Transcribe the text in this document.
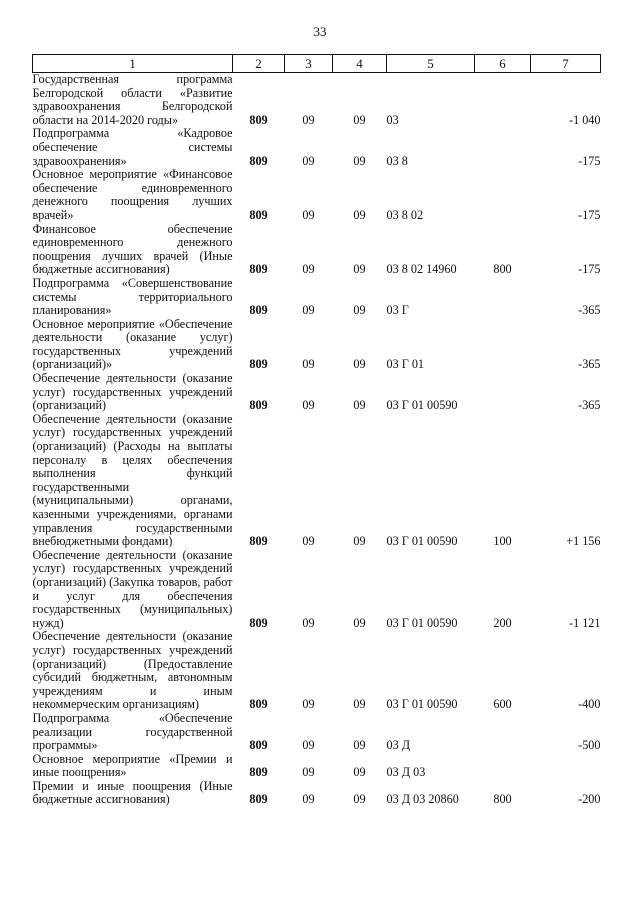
33
1	2	3	4	5	6	7
Государственная программа Белгородской области «Развитие здравоохранения Белгородской области на 2014-2020 годы»	809	09	09	03		-1 040
Подпрограмма «Кадровое обеспечение системы здравоохранения»	809	09	09	03 8		-175
Основное мероприятие «Финансовое обеспечение единовременного денежного поощрения лучших врачей»	809	09	09	03 8 02		-175
Финансовое обеспечение единовременного денежного поощрения лучших врачей (Иные бюджетные ассигнования)	809	09	09	03 8 02 14960	800	-175
Подпрограмма «Совершенствование системы территориального планирования»	809	09	09	03 Г		-365
Основное мероприятие «Обеспечение деятельности (оказание услуг) государственных учреждений (организаций)»	809	09	09	03 Г 01		-365
Обеспечение деятельности (оказание услуг) государственных учреждений (организаций)	809	09	09	03 Г 01 00590		-365
Обеспечение деятельности (оказание услуг) государственных учреждений (организаций) (Расходы на выплаты персоналу в целях обеспечения выполнения функций государственными (муниципальными) органами, казенными учреждениями, органами управления государственными внебюджетными фондами)	809	09	09	03 Г 01 00590	100	+1 156
Обеспечение деятельности (оказание услуг) государственных учреждений (организаций) (Закупка товаров, работ и услуг для обеспечения государственных (муниципальных) нужд)	809	09	09	03 Г 01 00590	200	-1 121
Обеспечение деятельности (оказание услуг) государственных учреждений (организаций) (Предоставление субсидий бюджетным, автономным учреждениям и иным некоммерческим организациям)	809	09	09	03 Г 01 00590	600	-400
Подпрограмма «Обеспечение реализации государственной программы»	809	09	09	03 Д		-500
Основное мероприятие «Премии и иные поощрения»	809	09	09	03 Д 03		
Премии и иные поощрения (Иные бюджетные ассигнования)	809	09	09	03 Д 03 20860	800	-200
